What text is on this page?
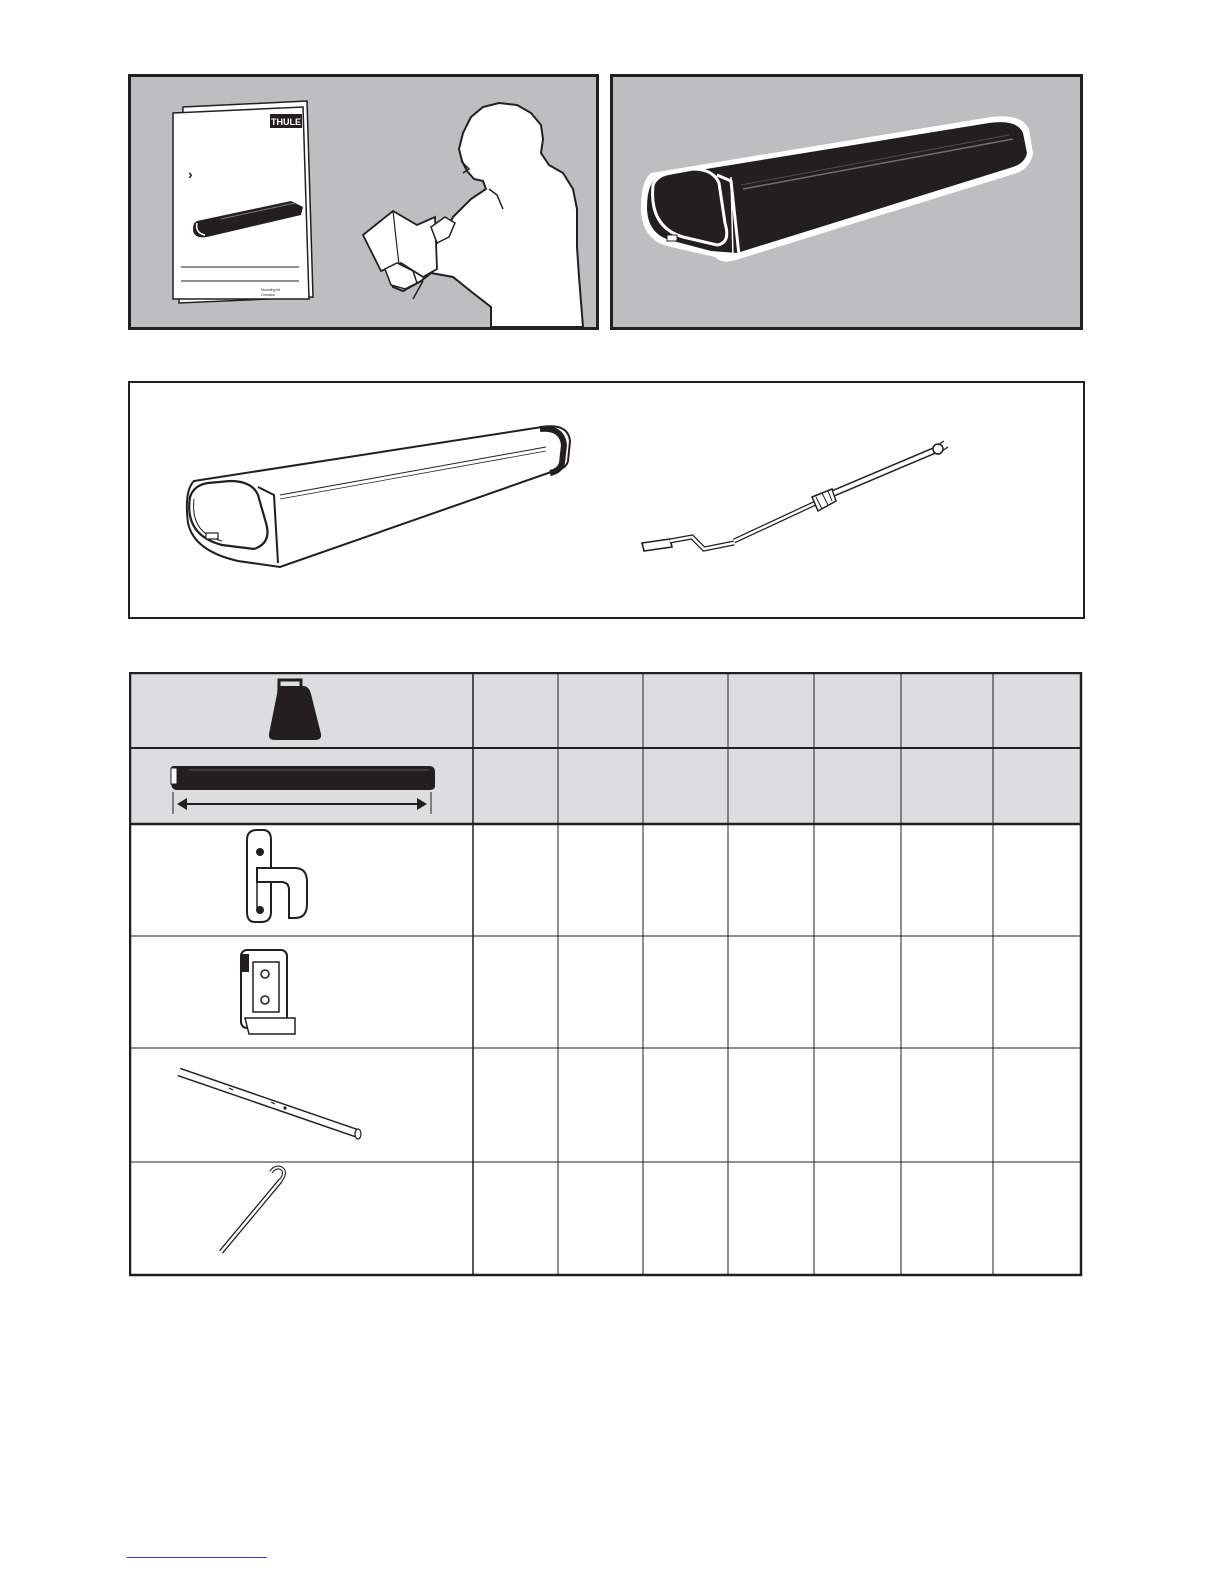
THULE
›
Mounting kit
Omnistor
